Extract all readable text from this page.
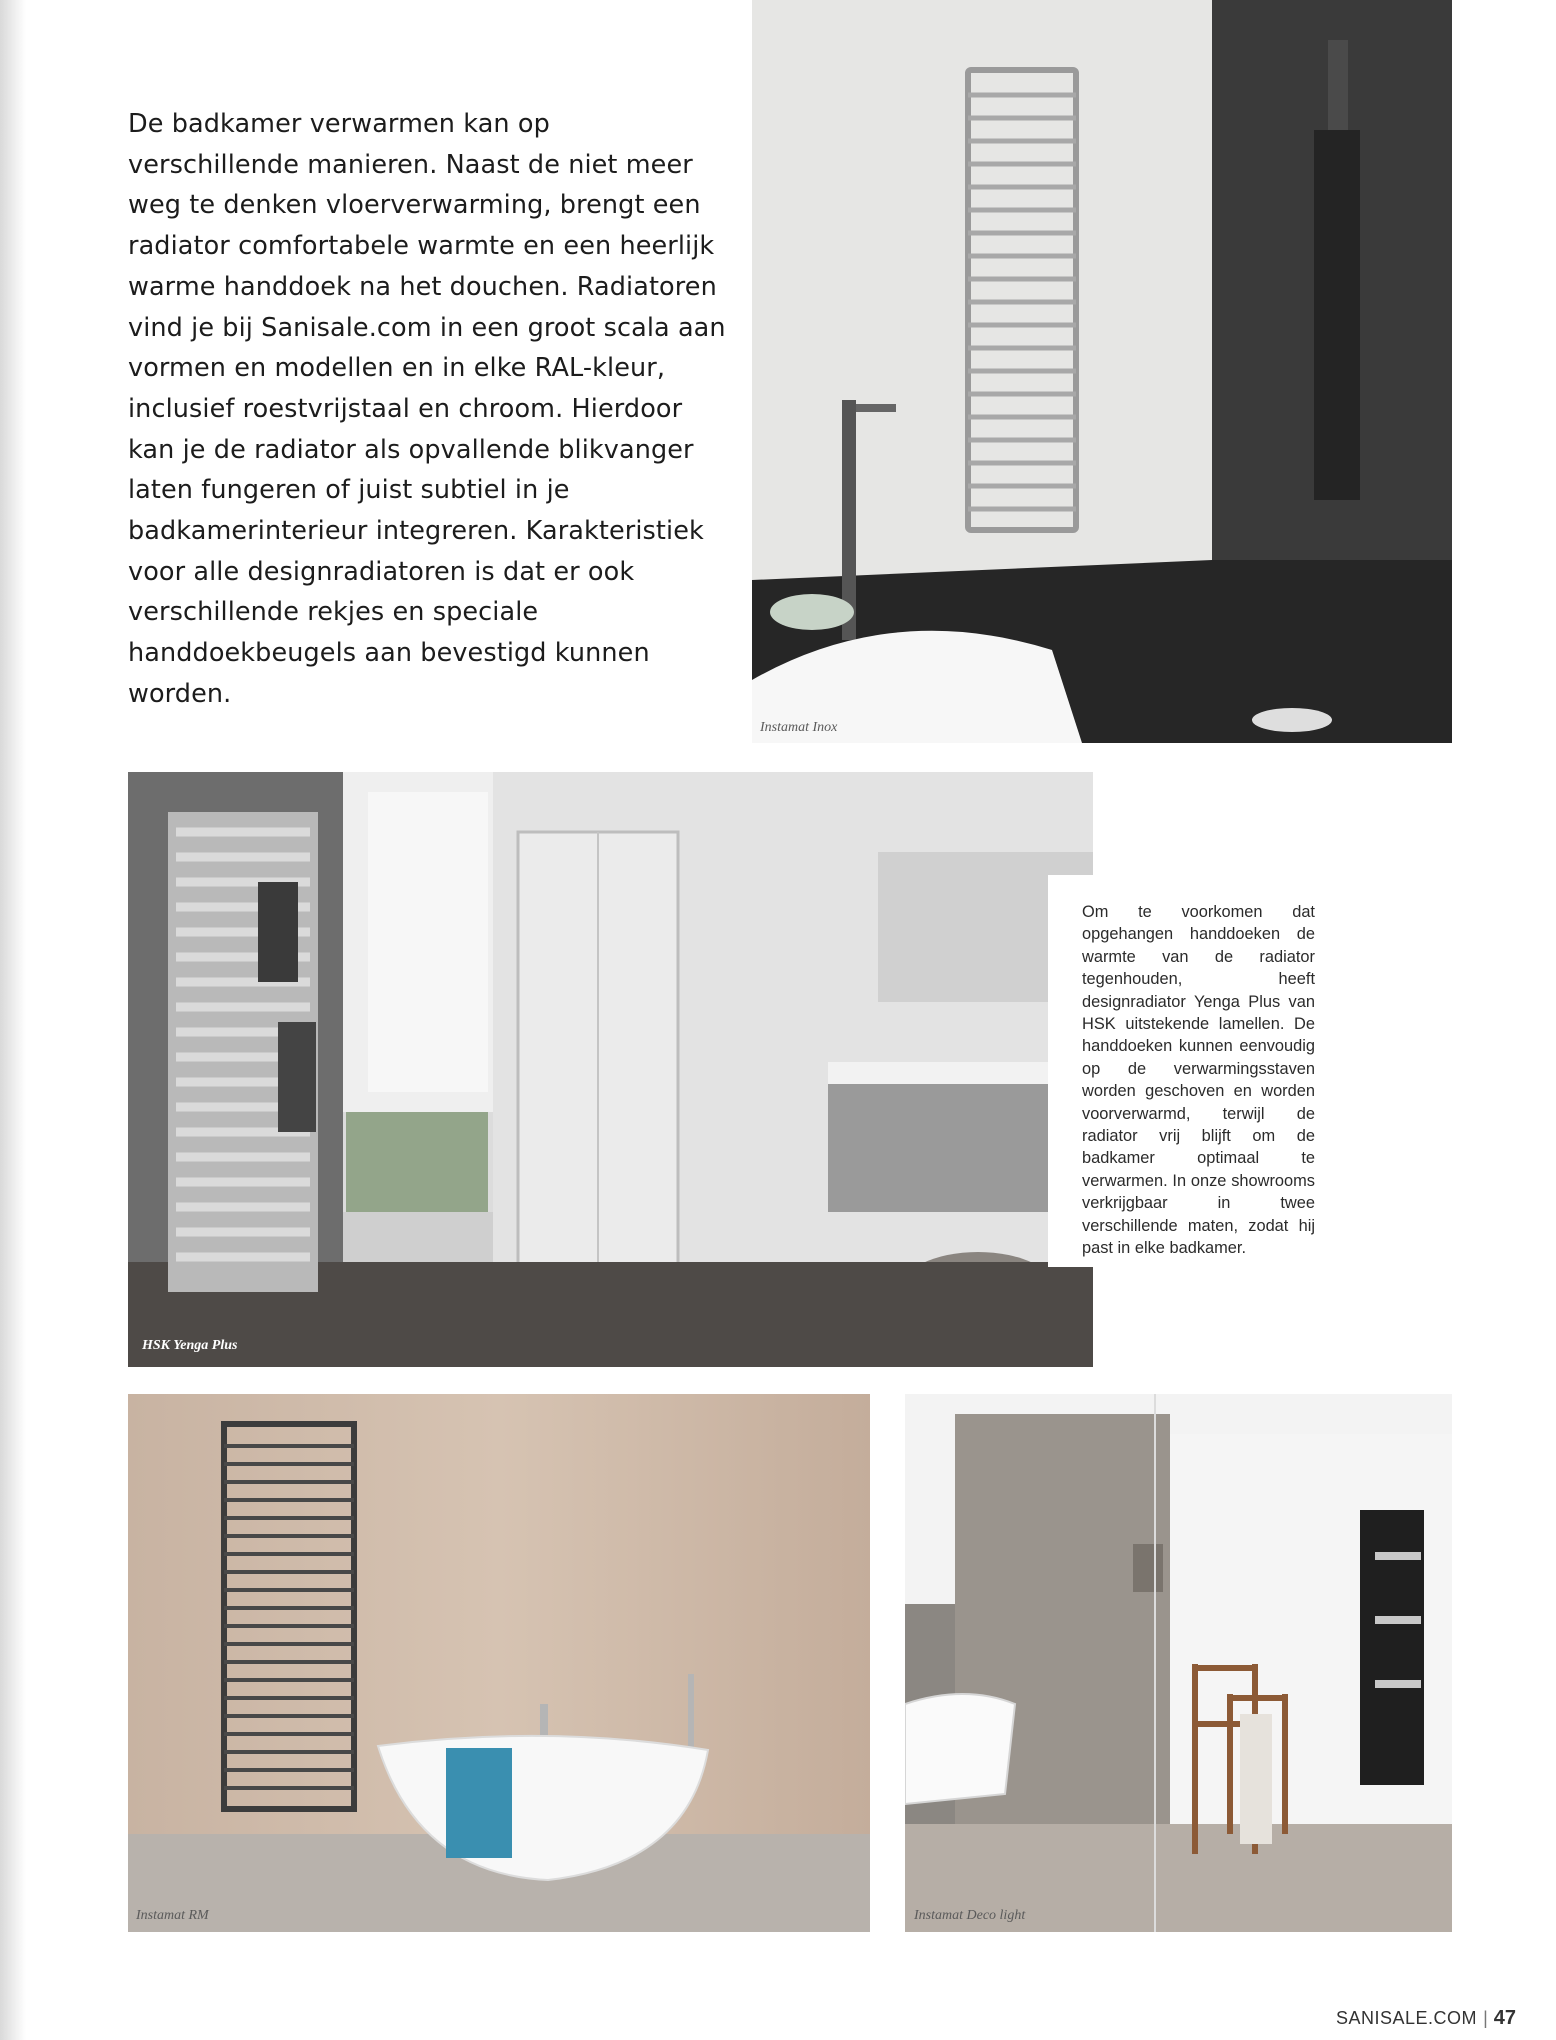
De badkamer verwarmen kan op verschillende manieren. Naast de niet meer weg te denken vloerverwarming, brengt een radiator comfortabele warmte en een heerlijk warme handdoek na het douchen. Radiatoren vind je bij Sanisale.com in een groot scala aan vormen en modellen en in elke RAL-kleur, inclusief roestvrijstaal en chroom. Hierdoor kan je de radiator als opvallende blikvanger laten fungeren of juist subtiel in je badkamerinterieur integreren. Karakteristiek voor alle designradiatoren is dat er ook verschillende rekjes en speciale handdoekbeugels aan bevestigd kunnen worden.

Instamat Inox
HSK Yenga Plus

Om te voorkomen dat opgehangen handdoeken de warmte van de radiator tegenhouden, heeft designradiator Yenga Plus van HSK uitstekende lamellen. De handdoeken kunnen eenvoudig op de verwarmingsstaven worden geschoven en worden voorverwarmd, terwijl de radiator vrij blijft om de badkamer optimaal te verwarmen. In onze showrooms verkrijgbaar in twee verschillende maten, zodat hij past in elke badkamer.

Instamat RM	Instamat Deco light
SANISALE.COM | 47
